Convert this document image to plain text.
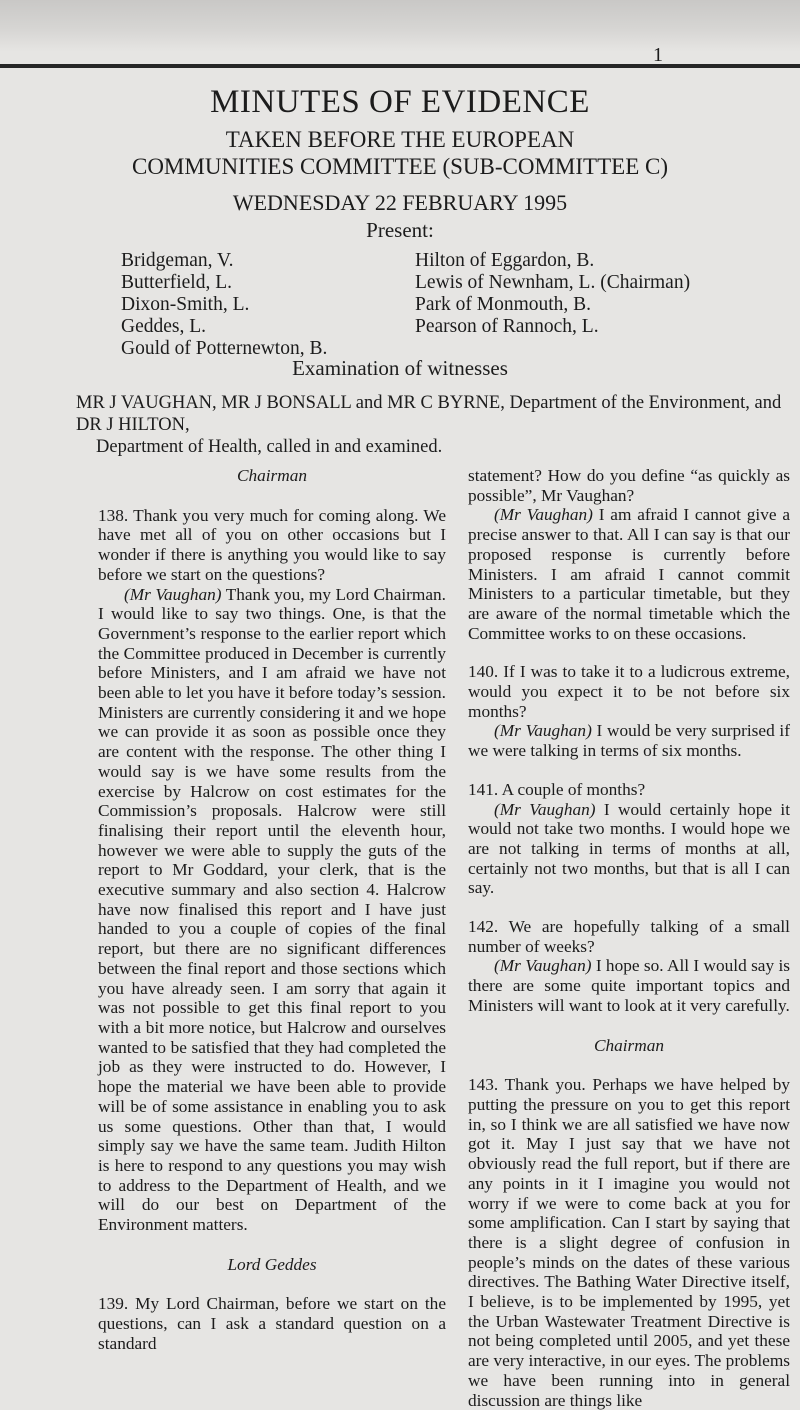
1
MINUTES OF EVIDENCE
TAKEN BEFORE THE EUROPEAN
COMMUNITIES COMMITTEE (SUB-COMMITTEE C)
WEDNESDAY 22 FEBRUARY 1995
Present:
Bridgeman, V.
Butterfield, L.
Dixon-Smith, L.
Geddes, L.
Gould of Potternewton, B.
Hilton of Eggardon, B.
Lewis of Newnham, L. (Chairman)
Park of Monmouth, B.
Pearson of Rannoch, L.
Examination of witnesses
MR J VAUGHAN, MR J BONSALL and MR C BYRNE, Department of the Environment, and DR J HILTON,
Department of Health, called in and examined.
Chairman

138. Thank you very much for coming along. We have met all of you on other occasions but I wonder if there is anything you would like to say before we start on the questions?

(Mr Vaughan) Thank you, my Lord Chairman. I would like to say two things. One, is that the Government’s response to the earlier report which the Committee produced in December is currently before Ministers, and I am afraid we have not been able to let you have it before today’s session. Ministers are currently considering it and we hope we can provide it as soon as possible once they are content with the response. The other thing I would say is we have some results from the exercise by Halcrow on cost estimates for the Commission’s proposals. Halcrow were still finalising their report until the eleventh hour, however we were able to supply the guts of the report to Mr Goddard, your clerk, that is the executive summary and also section 4. Halcrow have now finalised this report and I have just handed to you a couple of copies of the final report, but there are no significant differences between the final report and those sections which you have already seen. I am sorry that again it was not possible to get this final report to you with a bit more notice, but Halcrow and ourselves wanted to be satisfied that they had completed the job as they were instructed to do. However, I hope the material we have been able to provide will be of some assistance in enabling you to ask us some questions. Other than that, I would simply say we have the same team. Judith Hilton is here to respond to any questions you may wish to address to the Department of Health, and we will do our best on Department of the Environment matters.

Lord Geddes

139. My Lord Chairman, before we start on the questions, can I ask a standard question on a standard

statement? How do you define “as quickly as possible”, Mr Vaughan?

(Mr Vaughan) I am afraid I cannot give a precise answer to that. All I can say is that our proposed response is currently before Ministers. I am afraid I cannot commit Ministers to a particular timetable, but they are aware of the normal timetable which the Committee works to on these occasions.

140. If I was to take it to a ludicrous extreme, would you expect it to be not before six months?

(Mr Vaughan) I would be very surprised if we were talking in terms of six months.

141. A couple of months?

(Mr Vaughan) I would certainly hope it would not take two months. I would hope we are not talking in terms of months at all, certainly not two months, but that is all I can say.

142. We are hopefully talking of a small number of weeks?

(Mr Vaughan) I hope so. All I would say is there are some quite important topics and Ministers will want to look at it very carefully.

Chairman

143. Thank you. Perhaps we have helped by putting the pressure on you to get this report in, so I think we are all satisfied we have now got it. May I just say that we have not obviously read the full report, but if there are any points in it I imagine you would not worry if we were to come back at you for some amplification. Can I start by saying that there is a slight degree of confusion in people’s minds on the dates of these various directives. The Bathing Water Directive itself, I believe, is to be implemented by 1995, yet the Urban Wastewater Treatment Directive is not being completed until 2005, and yet these are very interactive, in our eyes. The problems we have been running into in general discussion are things like
